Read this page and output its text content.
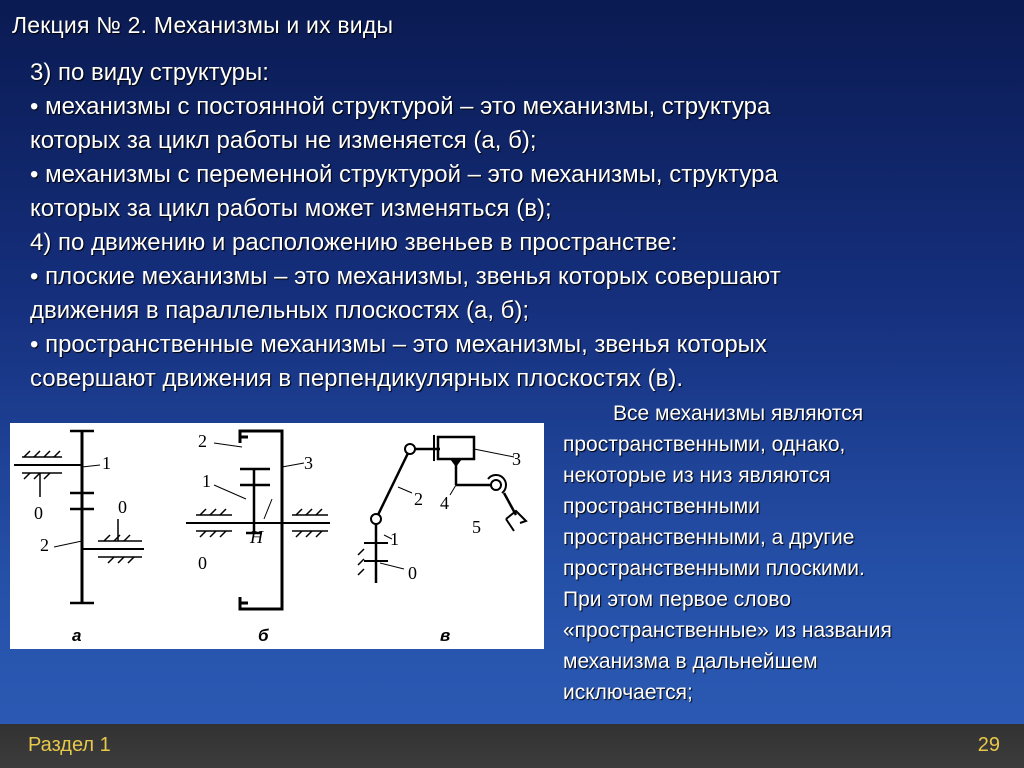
Лекция № 2. Механизмы и их виды
3) по виду структуры:
• механизмы с постоянной структурой – это механизмы, структура
которых за цикл работы не изменяется (а, б);
• механизмы с переменной структурой – это механизмы, структура
которых за цикл работы может изменяться (в);
4) по движению и расположению звеньев в пространстве:
• плоские механизмы – это механизмы, звенья которых совершают
движения в параллельных плоскостях (а, б);
• пространственные механизмы – это механизмы, звенья которых
совершают движения в перпендикулярных плоскостях (в).
1
0	0
2
а
2
3
1
0
H
б
3
2 4
5
1
0
в
Все механизмы являются
пространственными, однако,
некоторые из низ являются
пространственными
пространственными, а другие
пространственными плоскими.
При этом первое слово
«пространственные» из названия
механизма в дальнейшем
исключается;
Раздел 1	29
